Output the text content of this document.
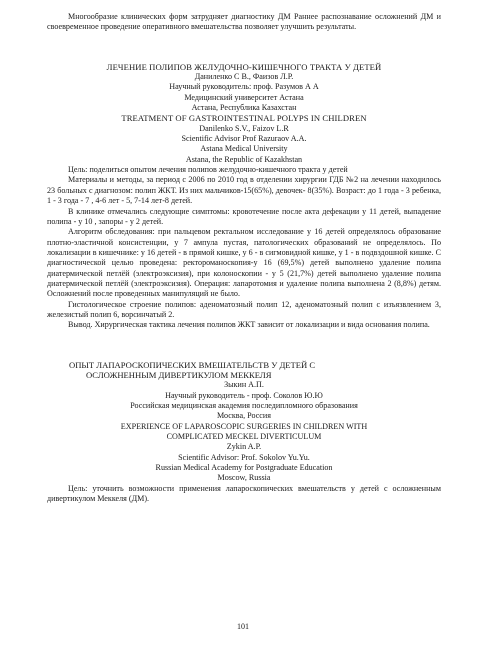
Многообразие клинических форм затрудняет диагностику ДМ Раннее распознавание осложнений ДМ и своевременное проведение оперативного вмешательства позволяет улучшить результаты.

ЛЕЧЕНИЕ ПОЛИПОВ ЖЕЛУДОЧНО-КИШЕЧНОГО ТРАКТА У ДЕТЕЙ

Даниленко С В., Фаизов Л.Р.

Научный руководитель: проф. Разумов А А

Медицинский университет Астана

Астана, Республика Казахстан

TREATMENT OF GASTROINTESTINAL POLYPS IN CHILDREN

Danilenko S.V., Faizov L.R

Scientific Advisor Prof Razuraov A.A.

Astana Medical University

Astana, the Republic of Kazakhstan

Цель: поделиться опытом лечения полипов желудочно-кишечного тракта у детей

Материалы и методы, за период с 2006 по 2010 год в отделении хирургии ГДБ №2 на лечении находилось 23 больных с диагнозом: полип ЖКТ. Из них мальчиков-15(65%), девочек- 8(35%). Возраст: до 1 года - 3 ребенка, 1 - 3 года - 7 , 4-6 лет - 5, 7-14 лет-8 детей.

В клинике отмечались следующие симптомы: кровотечение после акта дефекации у 11 детей, выпадение полипа - у 10 , запоры - у 2 детей.

Алгоритм обследования: при пальцевом ректальном исследование у 16 детей определялось образование плотно-эластичной консистенции, у 7 ампула пустая, патологических образований не определялось. По локализации в кишечнике: у 16 детей - в прямой кишке, у 6 - в сигмовидной кишке, у 1 - в подвздошной кишке. С диагностической целью проведена: ректороманоскопия-у 16 (69,5%) детей выполнено удаление полипа диатермической петлёй (электроэксизия), при колоноскопии - у 5 (21,7%) детей выполнено удаление полипа диатермической петлёй (электроэксизия). Операция: лапаротомия и удаление полипа выполнена 2 (8,8%) детям. Осложнений после проведенных манипуляций не было.

Гистологическое строение полипов: аденоматозный полип 12, аденоматозный полип с изъязвлением 3, железистый полип 6, ворсинчатый 2.

Вывод. Хирургическая тактика лечения полипов ЖКТ зависит от локализации и вида основания полипа.

ОПЫТ ЛАПАРОСКОПИЧЕСКИХ ВМЕШАТЕЛЬСТВ У ДЕТЕЙ С

ОСЛОЖНЕННЫМ ДИВЕРТИКУЛОМ МЕККЕЛЯ

Зыкин А.П.

Научный руководитель - проф. Соколов Ю.Ю

Российская медицинская академия последипломного образования

Москва, Россия

EXPERIENCE OF LAPAROSCOPIC SURGERIES IN CHILDREN WITH

COMPLICATED MECKEL DIVERTICULUM

Zykin A.P.

Scientific Advisor: Prof. Sokolov Yu.Yu.

Russian Medical Academy for Postgraduate Education

Moscow, Russia

Цель: уточнить возможности применения лапароскопических вмешательств у детей с осложненным дивертикулом Меккеля (ДМ).

101
